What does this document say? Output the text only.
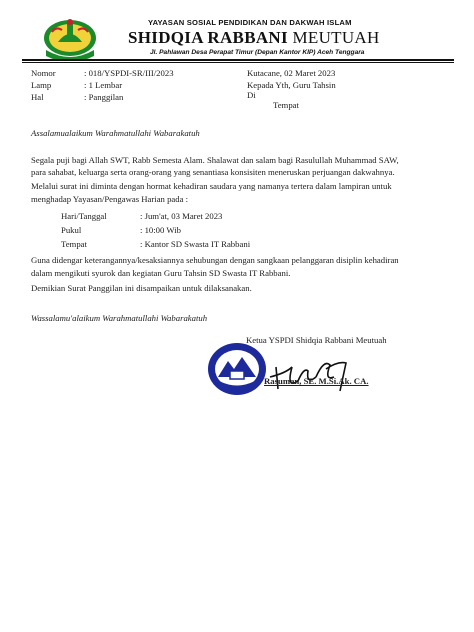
YAYASAN SOSIAL PENDIDIKAN DAN DAKWAH ISLAM
SHIDQIA RABBANI MEUTUAH
Jl. Pahlawan Desa Perapat Timur (Depan Kantor KIP) Aceh Tenggara
Nomor	: 018/YSPDI-SR/III/2023
Lamp	: 1 Lembar
Hal	: Panggilan
Kutacane, 02 Maret 2023
Kepada Yth, Guru Tahsin
Di
Tempat
Assalamualaikum Warahmatullahi Wabarakatuh
Segala puji bagi Allah SWT, Rabb Semesta Alam. Shalawat dan salam bagi Rasulullah Muhammad SAW,
para sahabat, keluarga serta orang-orang yang senantiasa konsisiten meneruskan perjuangan dakwahnya.
Melalui surat ini diminta dengan hormat kehadiran saudara yang namanya tertera dalam lampiran untuk
menghadap Yayasan/Pengawas Harian pada :
Hari/Tanggal	: Jum'at, 03 Maret 2023
Pukul	: 10:00 Wib
Tempat	: Kantor SD Swasta IT Rabbani
Guna didengar keterangannya/kesaksiannya sehubungan dengan sangkaan pelanggaran disiplin kehadiran
dalam mengikuti syurok dan kegiatan Guru Tahsin SD Swasta IT Rabbani.
Demikian Surat Panggilan ini disampaikan untuk dilaksanakan.
Wassalamu'alaikum Warahmatullahi Wabarakatuh
Ketua YSPDI Shidqia Rabbani Meutuah
Rasuman, SE. M.Si.Ak. CA.
